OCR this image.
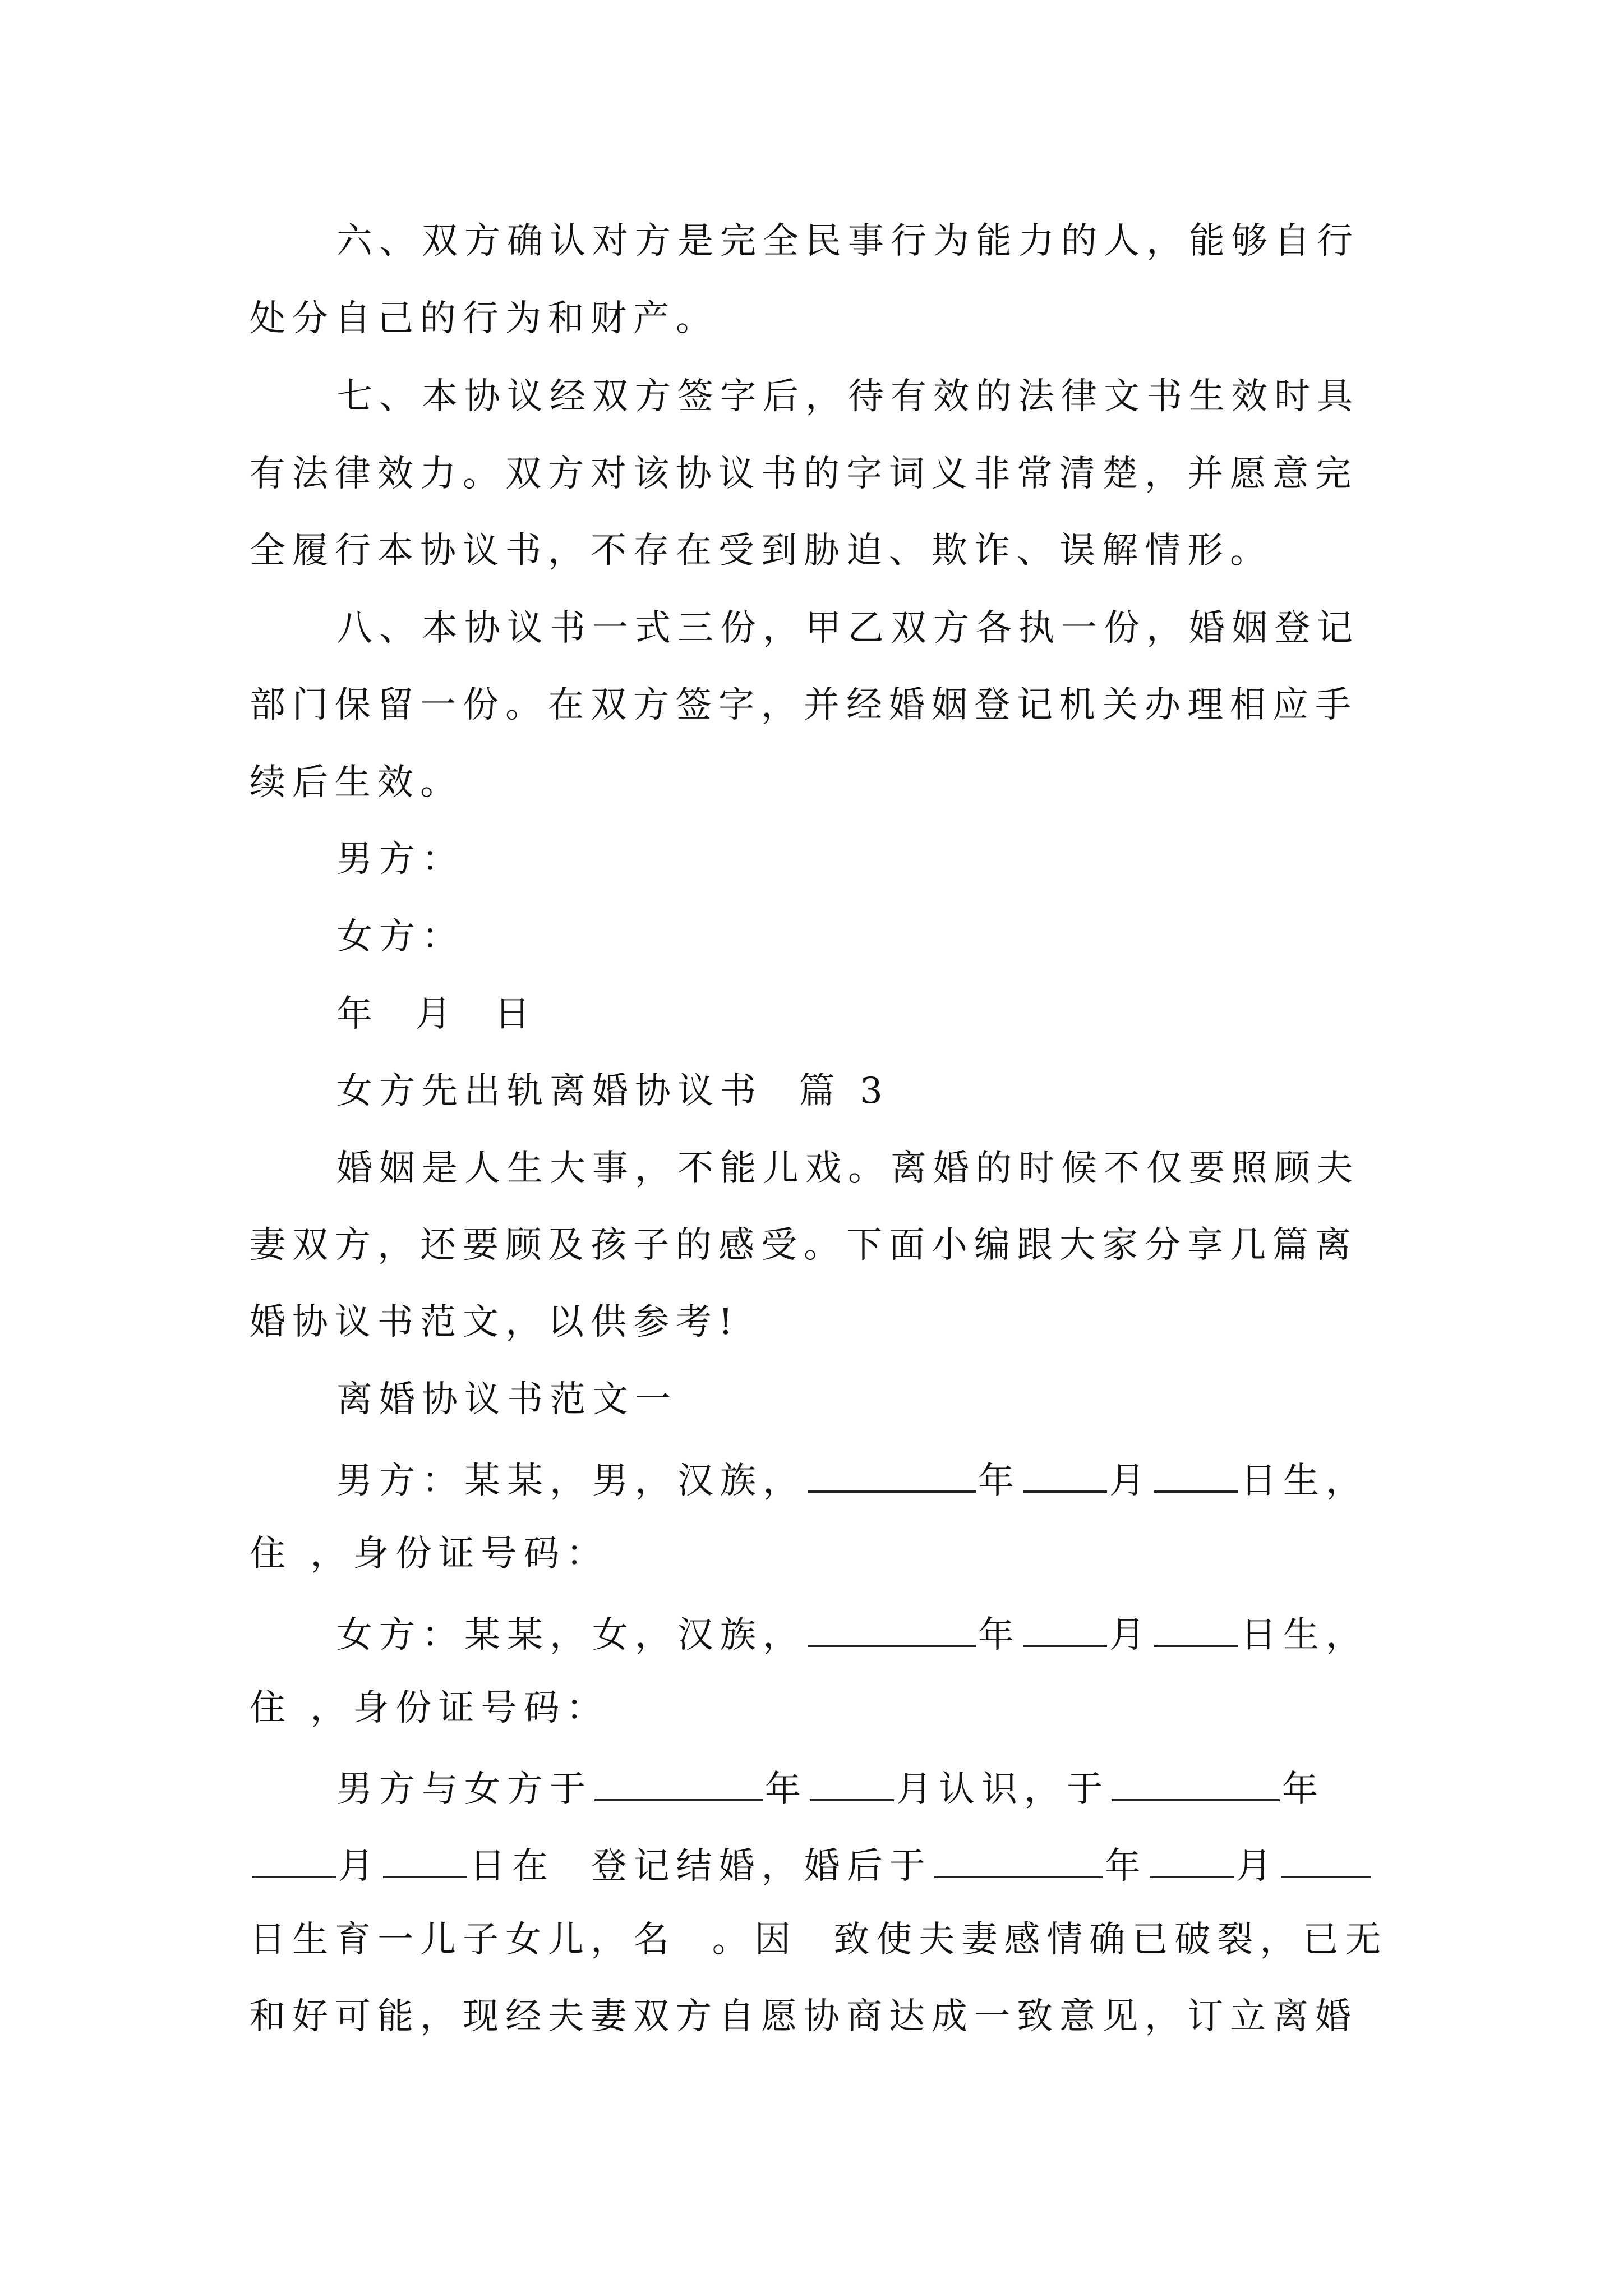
六、双方确认对方是完全民事行为能力的人，能够自行

处分自己的行为和财产。

七、本协议经双方签字后，待有效的法律文书生效时具

有法律效力。双方对该协议书的字词义非常清楚，并愿意完

全履行本协议书，不存在受到胁迫、欺诈、误解情形。

八、本协议书一式三份，甲乙双方各执一份，婚姻登记

部门保留一份。在双方签字，并经婚姻登记机关办理相应手

续后生效。

男方：

女方：

年  月  日

女方先出轨离婚协议书  篇 3

婚姻是人生大事，不能儿戏。离婚的时候不仅要照顾夫

妻双方，还要顾及孩子的感受。下面小编跟大家分享几篇离

婚协议书范文，以供参考!

离婚协议书范文一

男方：某某，男，汉族，	年 月 日生，

住 ，身份证号码：

女方：某某，女，汉族，	年 月 日生，

住 ，身份证号码：

男方与女方于	年 月认识，于	年

月 日在  登记结婚，婚后于	年 月

日生育一儿子女儿，名  。因  致使夫妻感情确已破裂，已无

和好可能，现经夫妻双方自愿协商达成一致意见，订立离婚
